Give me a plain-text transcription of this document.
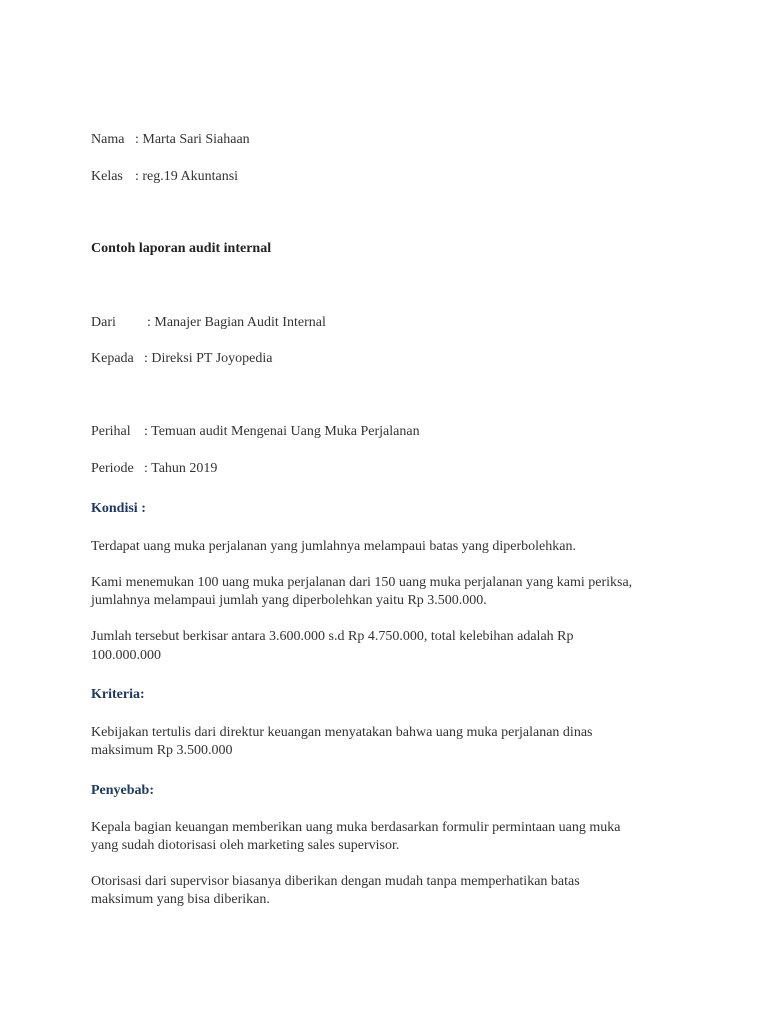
Nama : Marta Sari Siahaan
Kelas : reg.19 Akuntansi
Contoh laporan audit internal
Dari : Manajer Bagian Audit Internal
Kepada : Direksi PT Joyopedia
Perihal : Temuan audit Mengenai Uang Muka Perjalanan
Periode : Tahun 2019
Kondisi :
Terdapat uang muka perjalanan yang jumlahnya melampaui batas yang diperbolehkan.
Kami menemukan 100 uang muka perjalanan dari 150 uang muka perjalanan yang kami periksa,
jumlahnya melampaui jumlah yang diperbolehkan yaitu Rp 3.500.000.
Jumlah tersebut berkisar antara 3.600.000 s.d Rp 4.750.000, total kelebihan adalah Rp
100.000.000
Kriteria:
Kebijakan tertulis dari direktur keuangan menyatakan bahwa uang muka perjalanan dinas
maksimum Rp 3.500.000
Penyebab:
Kepala bagian keuangan memberikan uang muka berdasarkan formulir permintaan uang muka
yang sudah diotorisasi oleh marketing sales supervisor.
Otorisasi dari supervisor biasanya diberikan dengan mudah tanpa memperhatikan batas
maksimum yang bisa diberikan.
